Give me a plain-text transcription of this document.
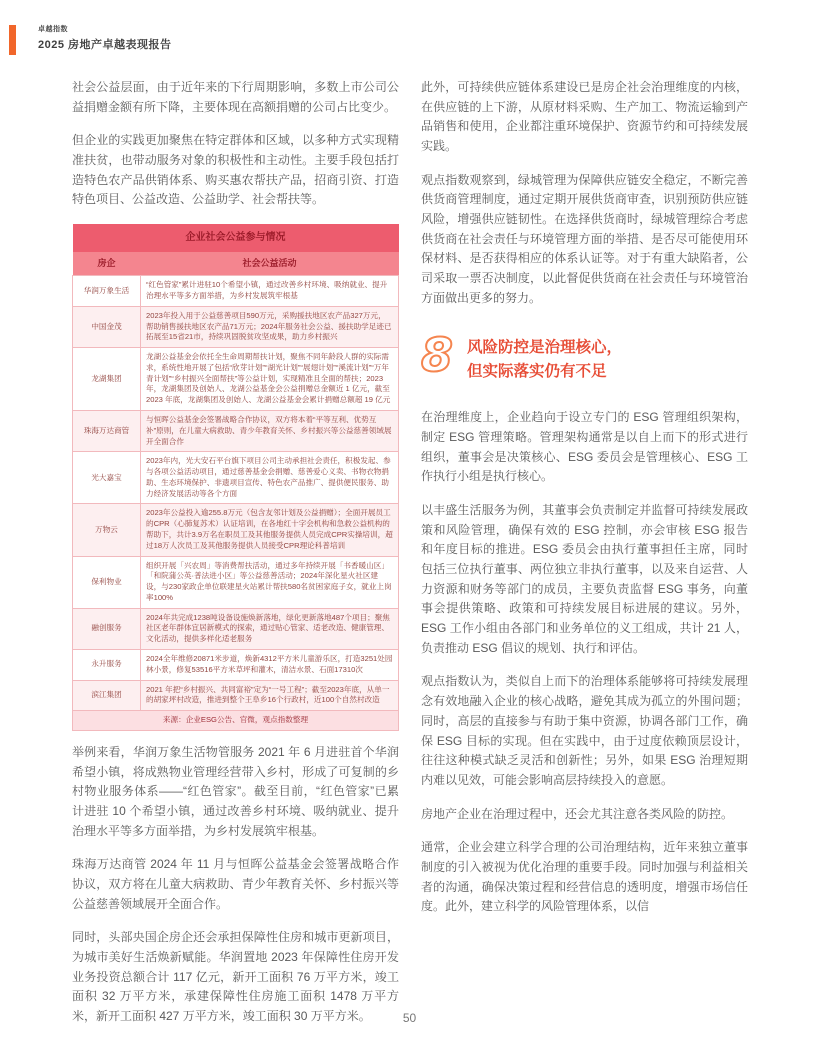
卓越指数
2025 房地产卓越表现报告

社会公益层面，由于近年来的下行周期影响，多数上市公司公益捐赠金额有所下降，主要体现在高额捐赠的公司占比变少。

但企业的实践更加聚焦在特定群体和区域，以多种方式实现精准扶贫，也带动服务对象的积极性和主动性。主要手段包括打造特色农产品供销体系、购买惠农帮扶产品，招商引资、打造特色项目、公益改造、公益助学、社会帮扶等。

企业社会公益参与情况	
房企	社会公益活动
华润万象生活	“红色管家”累计进驻10个希望小镇，通过改善乡村环境、吸纳就业、提升治理水平等多方面举措，为乡村发展筑牢根基
中国金茂	2023年投入用于公益慈善项目590万元，采购援扶地区农产品327万元，帮助销售援扶地区农产品71万元；2024年服务社会公益、援扶助学足迹已拓展至15省21市，持续巩固脱贫攻坚成果，助力乡村振兴
龙湖集团	龙湖公益基金会依托全生命周期帮扶计划，聚焦不同年龄段人群的实际需求，系统性地开展了包括“欣芽计划”“湖光计划”“展翅计划”“溪流计划”“万年青计划”“乡村振兴全面帮扶”等公益计划，实现精准且全面的帮扶；2023 年，龙湖集团及创始人、龙湖公益基金会公益捐赠总金额近 1 亿元，截至 2023 年底，龙湖集团及创始人、龙湖公益基金会累计捐赠总额超 19 亿元
珠海万达商管	与恒晖公益基金会签署战略合作协议，双方将本着“平等互利、优势互补”原则，在儿童大病救助、青少年教育关怀、乡村振兴等公益慈善领域展开全面合作
光大嘉宝	2023年内，光大安石平台旗下项目公司主动承担社会责任，积极发起、参与各项公益活动项目，通过慈善基金会捐赠、慈善爱心义卖、书物衣物捐助、生态环境保护、非遗项目宣传、特色农产品推广、提供便民服务、助力经济发展活动等各个方面
万物云	2023年公益投入逾255.8万元（包含友邻计划及公益捐赠）；全面开展员工的CPR（心肺复苏术）认证培训，在各地红十字会机构和急救公益机构的帮助下，共计3.9万名在职员工及其他服务提供人员完成CPR实操培训，超过18万人次员工及其他服务提供人员接受CPR理论科普培训
保利物业	组织开展「兴农周」等消费帮扶活动，通过多年持续开展「书香暖山区」「和院蒲公英·普法进小区」等公益慈善活动；2024年深化星火社区建设，与230家政企单位联建星火站累计帮扶580名贫困家庭子女，就业上岗率100%
融创服务	2024年共完成1238吨设备设施焕新落地，绿化更新落地487个项目；聚焦社区老年群体宜居新模式的探索，通过贴心管家、适老改造、健康管理、文化活动，提供多样化适老服务
永升服务	2024全年维修20871米步道，焕新4312平方米儿童游乐区，打造3251处园林小景，修复53516平方米草坪和灌木，清洁水景、石面17310次
滨江集团	2021 年把“乡村振兴、共同富裕”定为“一号工程”；截至2023年底，从单一的胡家坪村改造，推进到整个王阜乡16个行政村，近100个自然村改造
来源：企业ESG公告、官微，观点指数整理	

举例来看，华润万象生活物管服务 2021 年 6 月进驻首个华润希望小镇，将成熟物业管理经营带入乡村，形成了可复制的乡村物业服务体系——“红色管家”。截至目前，“红色管家”已累计进驻 10 个希望小镇，通过改善乡村环境、吸纳就业、提升治理水平等多方面举措，为乡村发展筑牢根基。

珠海万达商管 2024 年 11 月与恒晖公益基金会签署战略合作协议，双方将在儿童大病救助、青少年教育关怀、乡村振兴等公益慈善领域展开全面合作。

同时，头部央国企房企还会承担保障性住房和城市更新项目，为城市美好生活焕新赋能。华润置地 2023 年保障性住房开发业务投资总额合计 117 亿元，新开工面积 76 万平方米，竣工面积 32 万平方米，承建保障性住房施工面积 1478 万平方米，新开工面积 427 万平方米，竣工面积 30 万平方米。

此外，可持续供应链体系建设已是房企社会治理维度的内核，在供应链的上下游，从原材料采购、生产加工、物流运输到产品销售和使用，企业都注重环境保护、资源节约和可持续发展实践。

观点指数观察到，绿城管理为保障供应链安全稳定，不断完善供货商管理制度，通过定期开展供货商审查，识别预防供应链风险，增强供应链韧性。在选择供货商时，绿城管理综合考虑供货商在社会责任与环境管理方面的举措、是否尽可能使用环保材料、是否获得相应的体系认证等。对于有重大缺陷者，公司采取一票否决制度，以此督促供货商在社会责任与环境管治方面做出更多的努力。

8 风险防控是治理核心，
但实际落实仍有不足

在治理维度上，企业趋向于设立专门的 ESG 管理组织架构，制定 ESG 管理策略。管理架构通常是以自上而下的形式进行组织，董事会是决策核心、ESG 委员会是管理核心、ESG 工作执行小组是执行核心。

以丰盛生活服务为例，其董事会负责制定并监督可持续发展政策和风险管理，确保有效的 ESG 控制，亦会审核 ESG 报告和年度目标的推进。ESG 委员会由执行董事担任主席，同时包括三位执行董事、两位独立非执行董事，以及来自运营、人力资源和财务等部门的成员，主要负责监督 ESG 事务，向董事会提供策略、政策和可持续发展目标进展的建议。另外，ESG 工作小组由各部门和业务单位的义工组成，共计 21 人，负责推动 ESG 倡议的规划、执行和评估。

观点指数认为，类似自上而下的治理体系能够将可持续发展理念有效地融入企业的核心战略，避免其成为孤立的外围问题；同时，高层的直接参与有助于集中资源，协调各部门工作，确保 ESG 目标的实现。但在实践中，由于过度依赖顶层设计，往往这种模式缺乏灵活和创新性；另外，如果 ESG 治理短期内难以见效，可能会影响高层持续投入的意愿。

房地产企业在治理过程中，还会尤其注意各类风险的防控。

通常，企业会建立科学合理的公司治理结构，近年来独立董事制度的引入被视为优化治理的重要手段。同时加强与利益相关者的沟通，确保决策过程和经营信息的透明度，增强市场信任度。此外，建立科学的风险管理体系，以信

50
